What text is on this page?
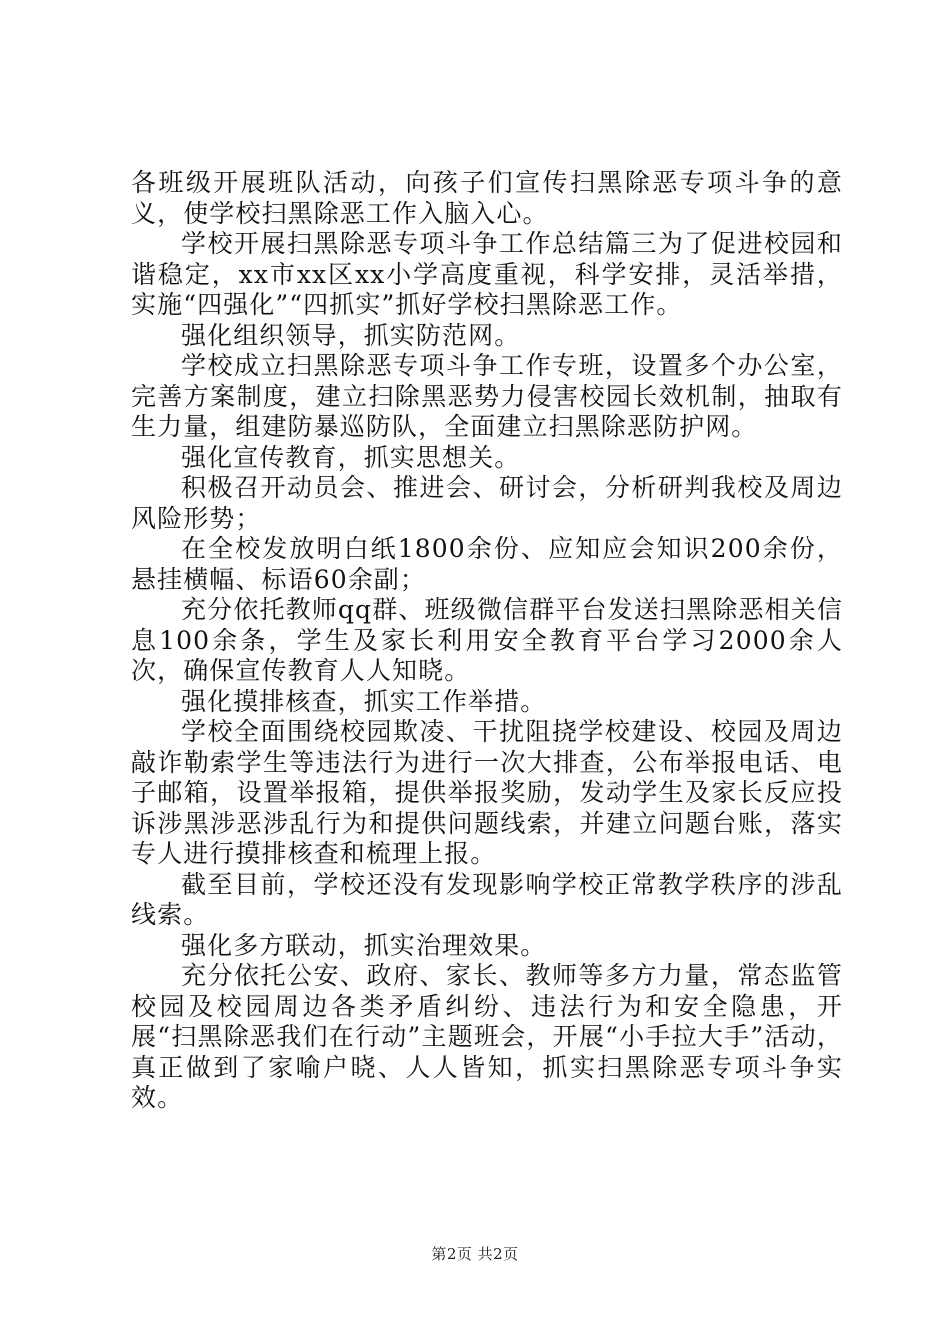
各班级开展班队活动，向孩子们宣传扫黑除恶专项斗争的意义，使学校扫黑除恶工作入脑入心。

学校开展扫黑除恶专项斗争工作总结篇三为了促进校园和谐稳定，xx市xx区xx小学高度重视，科学安排，灵活举措，实施“四强化”“四抓实”抓好学校扫黑除恶工作。

强化组织领导，抓实防范网。

学校成立扫黑除恶专项斗争工作专班，设置多个办公室，完善方案制度，建立扫除黑恶势力侵害校园长效机制，抽取有生力量，组建防暴巡防队，全面建立扫黑除恶防护网。

强化宣传教育，抓实思想关。

积极召开动员会、推进会、研讨会，分析研判我校及周边风险形势；

在全校发放明白纸1800余份、应知应会知识200余份，悬挂横幅、标语60余副；

充分依托教师qq群、班级微信群平台发送扫黑除恶相关信息100余条，学生及家长利用安全教育平台学习2000余人次，确保宣传教育人人知晓。

强化摸排核查，抓实工作举措。

学校全面围绕校园欺凌、干扰阻挠学校建设、校园及周边敲诈勒索学生等违法行为进行一次大排查，公布举报电话、电子邮箱，设置举报箱，提供举报奖励，发动学生及家长反应投诉涉黑涉恶涉乱行为和提供问题线索，并建立问题台账，落实专人进行摸排核查和梳理上报。

截至目前，学校还没有发现影响学校正常教学秩序的涉乱线索。

强化多方联动，抓实治理效果。

充分依托公安、政府、家长、教师等多方力量，常态监管校园及校园周边各类矛盾纠纷、违法行为和安全隐患，开展“扫黑除恶我们在行动”主题班会，开展“小手拉大手”活动，真正做到了家喻户晓、人人皆知，抓实扫黑除恶专项斗争实效。

第2页 共2页
